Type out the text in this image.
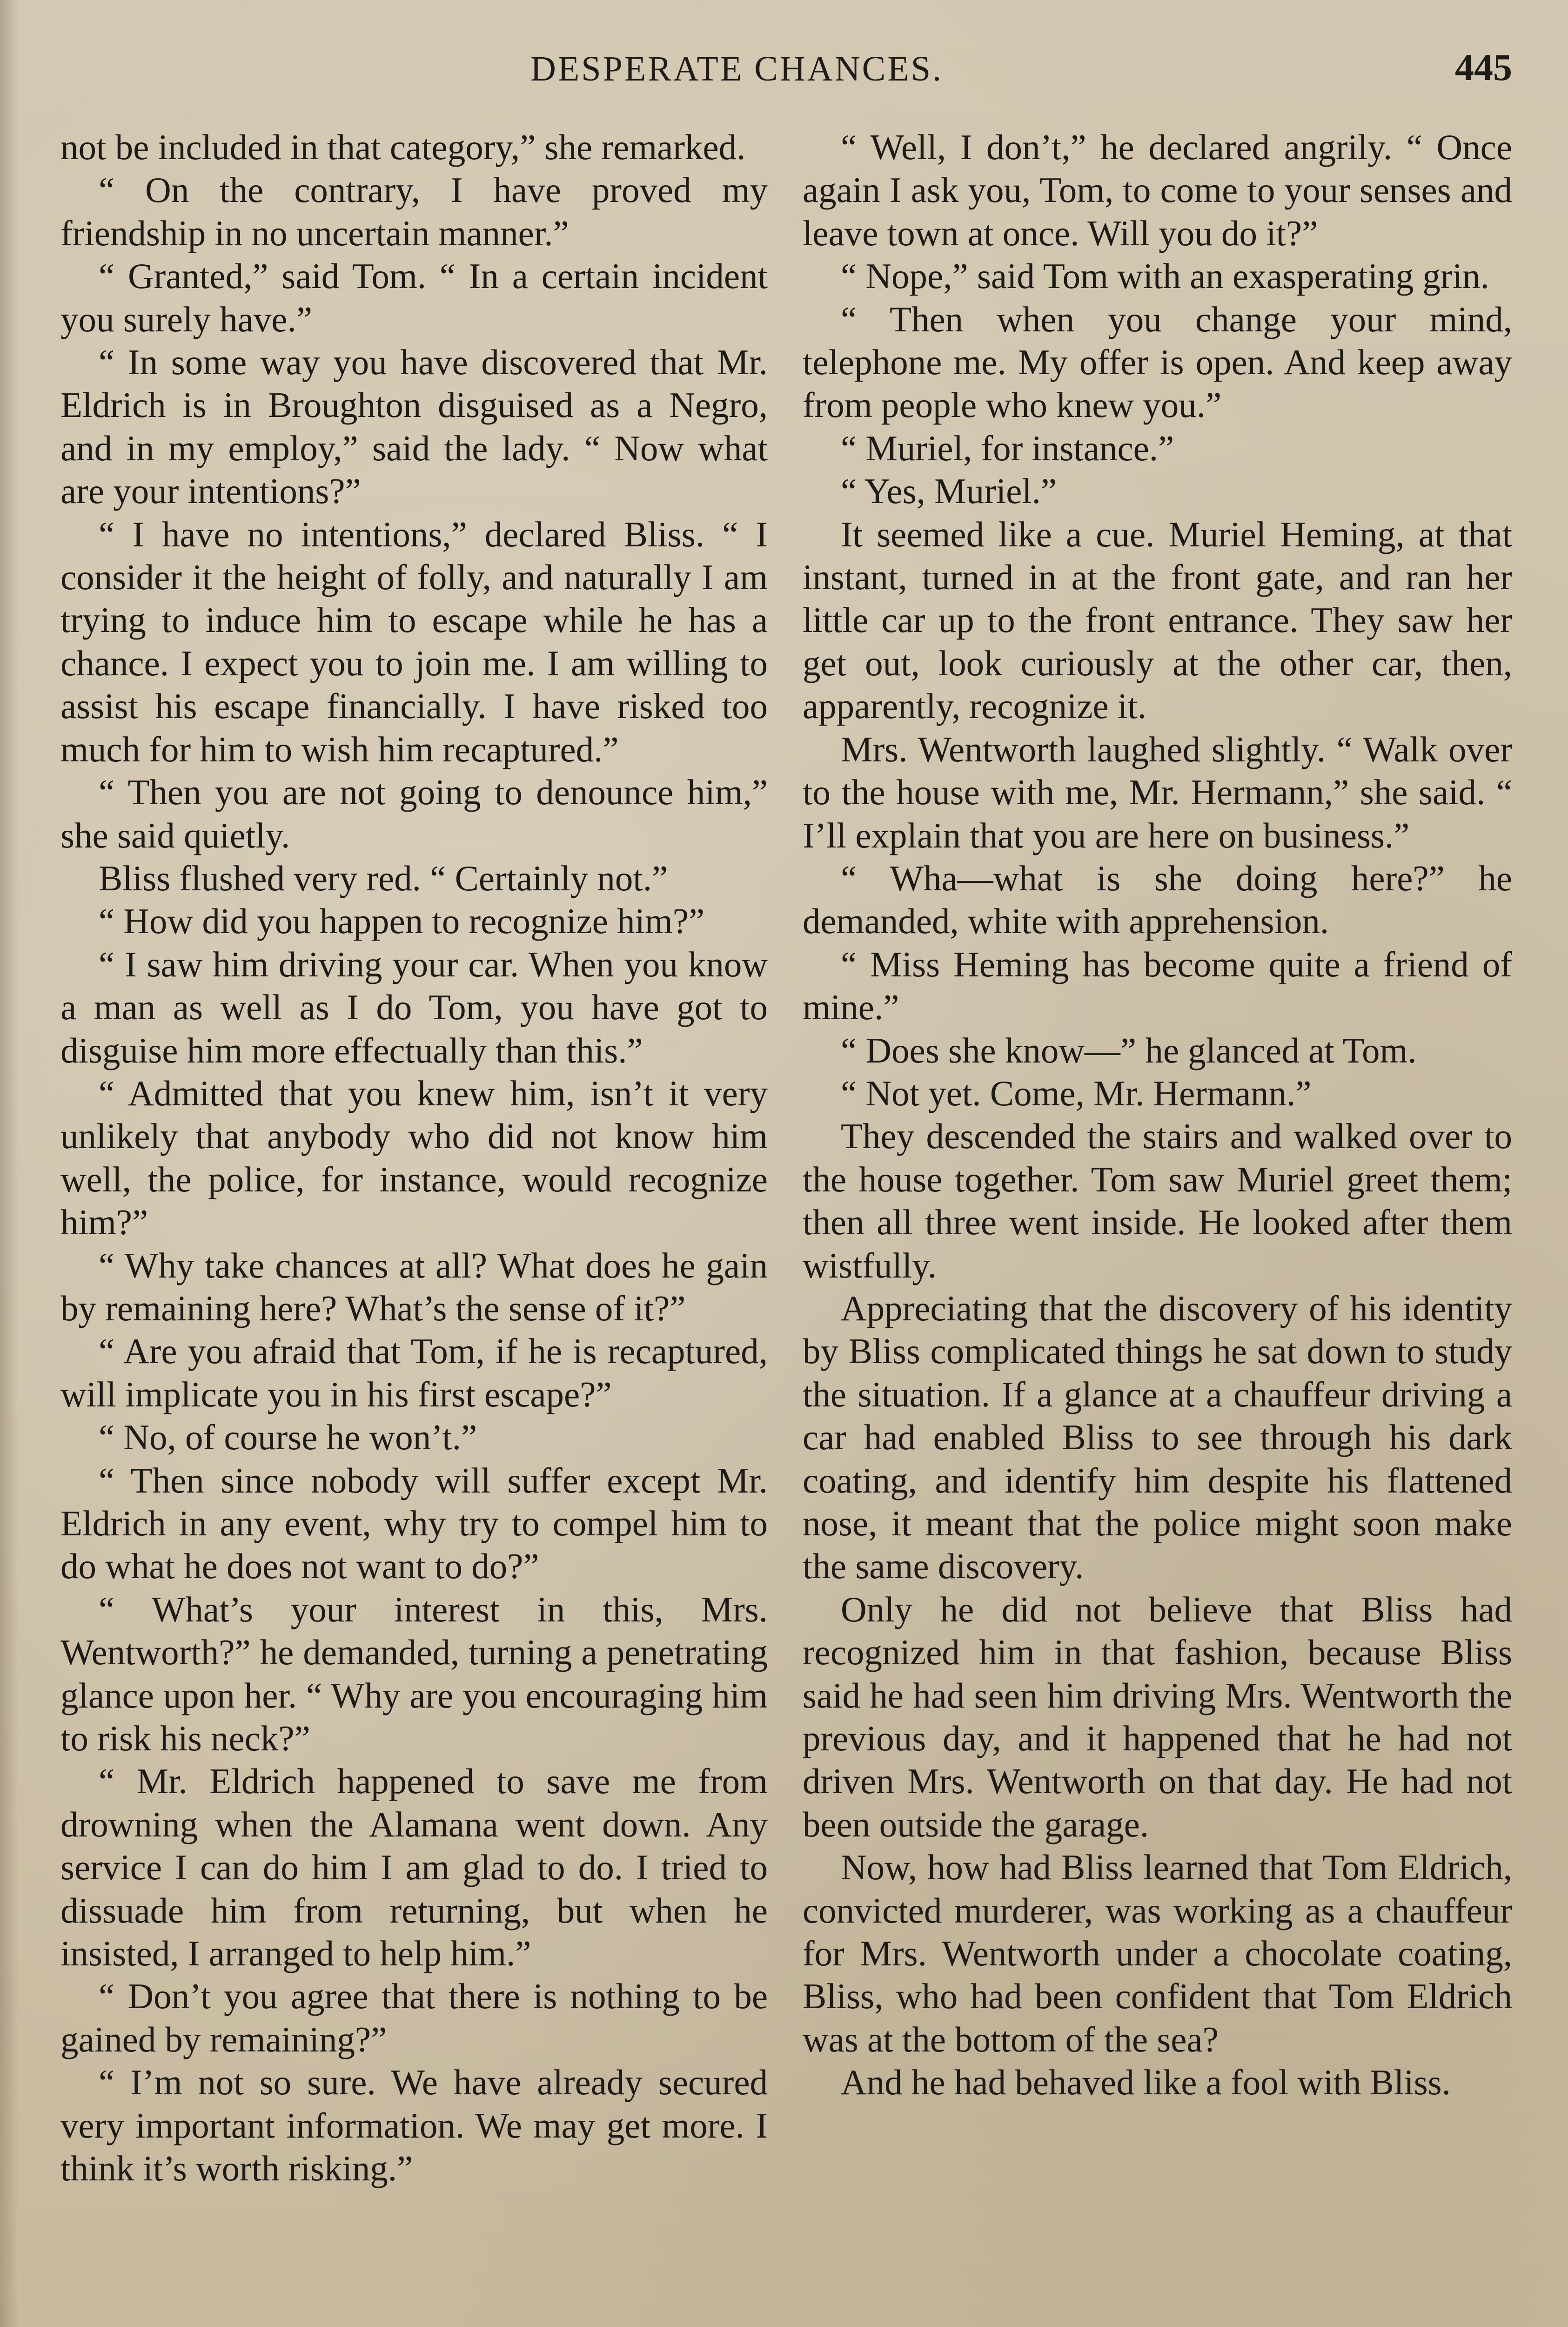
DESPERATE CHANCES.	445

not be included in that category,” she remarked.

“ On the contrary, I have proved my friendship in no uncertain manner.”

“ Granted,” said Tom. “ In a certain incident you surely have.”

“ In some way you have discovered that Mr. Eldrich is in Broughton disguised as a Negro, and in my employ,” said the lady. “ Now what are your intentions?”

“ I have no intentions,” declared Bliss. “ I consider it the height of folly, and naturally I am trying to induce him to escape while he has a chance. I expect you to join me. I am willing to assist his escape financially. I have risked too much for him to wish him recaptured.”

“ Then you are not going to denounce him,” she said quietly.

Bliss flushed very red. “ Certainly not.”

“ How did you happen to recognize him?”

“ I saw him driving your car. When you know a man as well as I do Tom, you have got to disguise him more effectually than this.”

“ Admitted that you knew him, isn’t it very unlikely that anybody who did not know him well, the police, for instance, would recognize him?”

“ Why take chances at all? What does he gain by remaining here? What’s the sense of it?”

“ Are you afraid that Tom, if he is recaptured, will implicate you in his first escape?”

“ No, of course he won’t.”

“ Then since nobody will suffer except Mr. Eldrich in any event, why try to compel him to do what he does not want to do?”

“ What’s your interest in this, Mrs. Wentworth?” he demanded, turning a penetrating glance upon her. “ Why are you encouraging him to risk his neck?”

“ Mr. Eldrich happened to save me from drowning when the Alamana went down. Any service I can do him I am glad to do. I tried to dissuade him from returning, but when he insisted, I arranged to help him.”

“ Don’t you agree that there is nothing to be gained by remaining?”

“ I’m not so sure. We have already secured very important information. We may get more. I think it’s worth risking.”

“ Well, I don’t,” he declared angrily. “ Once again I ask you, Tom, to come to your senses and leave town at once. Will you do it?”

“ Nope,” said Tom with an exasperating grin.

“ Then when you change your mind, telephone me. My offer is open. And keep away from people who knew you.”

“ Muriel, for instance.”

“ Yes, Muriel.”

It seemed like a cue. Muriel Heming, at that instant, turned in at the front gate, and ran her little car up to the front entrance. They saw her get out, look curiously at the other car, then, apparently, recognize it.

Mrs. Wentworth laughed slightly. “ Walk over to the house with me, Mr. Hermann,” she said. “ I’ll explain that you are here on business.”

“ Wha—what is she doing here?” he demanded, white with apprehension.

“ Miss Heming has become quite a friend of mine.”

“ Does she know—” he glanced at Tom.

“ Not yet. Come, Mr. Hermann.”

They descended the stairs and walked over to the house together. Tom saw Muriel greet them; then all three went inside. He looked after them wistfully.

Appreciating that the discovery of his identity by Bliss complicated things he sat down to study the situation. If a glance at a chauffeur driving a car had enabled Bliss to see through his dark coating, and identify him despite his flattened nose, it meant that the police might soon make the same discovery.

Only he did not believe that Bliss had recognized him in that fashion, because Bliss said he had seen him driving Mrs. Wentworth the previous day, and it happened that he had not driven Mrs. Wentworth on that day. He had not been outside the garage.

Now, how had Bliss learned that Tom Eldrich, convicted murderer, was working as a chauffeur for Mrs. Wentworth under a chocolate coating, Bliss, who had been confident that Tom Eldrich was at the bottom of the sea?

And he had behaved like a fool with Bliss.
